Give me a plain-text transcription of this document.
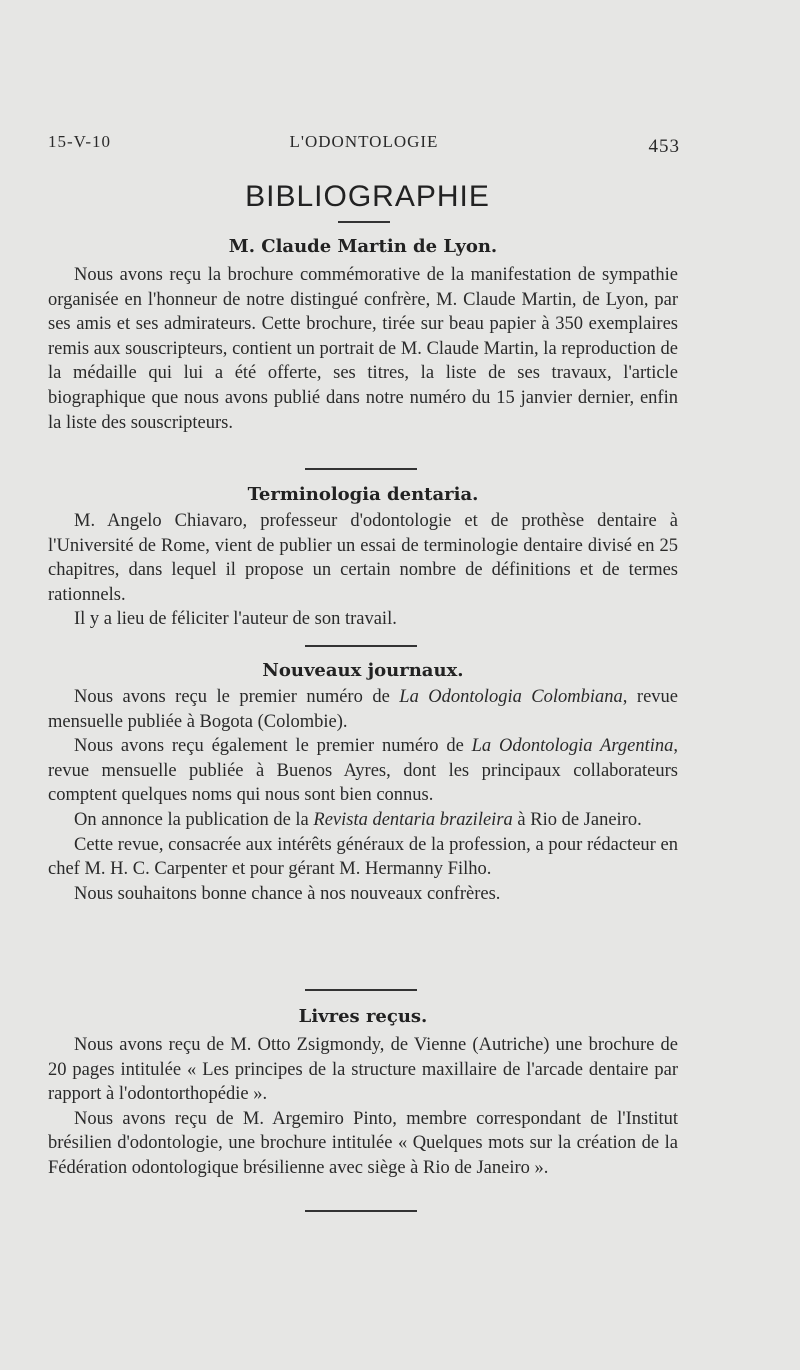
15-V-10	L'ODONTOLOGIE	453
BIBLIOGRAPHIE
M. Claude Martin de Lyon.

Nous avons reçu la brochure commémorative de la manifestation de sympathie organisée en l'honneur de notre distingué confrère, M. Claude Martin, de Lyon, par ses amis et ses admirateurs. Cette brochure, tirée sur beau papier à 350 exemplaires remis aux souscripteurs, contient un portrait de M. Claude Martin, la reproduction de la médaille qui lui a été offerte, ses titres, la liste de ses travaux, l'article biographique que nous avons publié dans notre numéro du 15 janvier dernier, enfin la liste des souscripteurs.

Terminologia dentaria.

M. Angelo Chiavaro, professeur d'odontologie et de prothèse dentaire à l'Université de Rome, vient de publier un essai de terminologie dentaire divisé en 25 chapitres, dans lequel il propose un certain nombre de définitions et de termes rationnels.

Il y a lieu de féliciter l'auteur de son travail.

Nouveaux journaux.

Nous avons reçu le premier numéro de La Odontologia Colombiana, revue mensuelle publiée à Bogota (Colombie).

Nous avons reçu également le premier numéro de La Odontologia Argentina, revue mensuelle publiée à Buenos Ayres, dont les principaux collaborateurs comptent quelques noms qui nous sont bien connus.

On annonce la publication de la Revista dentaria brazileira à Rio de Janeiro.

Cette revue, consacrée aux intérêts généraux de la profession, a pour rédacteur en chef M. H. C. Carpenter et pour gérant M. Hermanny Filho.

Nous souhaitons bonne chance à nos nouveaux confrères.

Livres reçus.

Nous avons reçu de M. Otto Zsigmondy, de Vienne (Autriche) une brochure de 20 pages intitulée « Les principes de la structure maxillaire de l'arcade dentaire par rapport à l'odontorthopédie ».

Nous avons reçu de M. Argemiro Pinto, membre correspondant de l'Institut brésilien d'odontologie, une brochure intitulée « Quelques mots sur la création de la Fédération odontologique brésilienne avec siège à Rio de Janeiro ».
